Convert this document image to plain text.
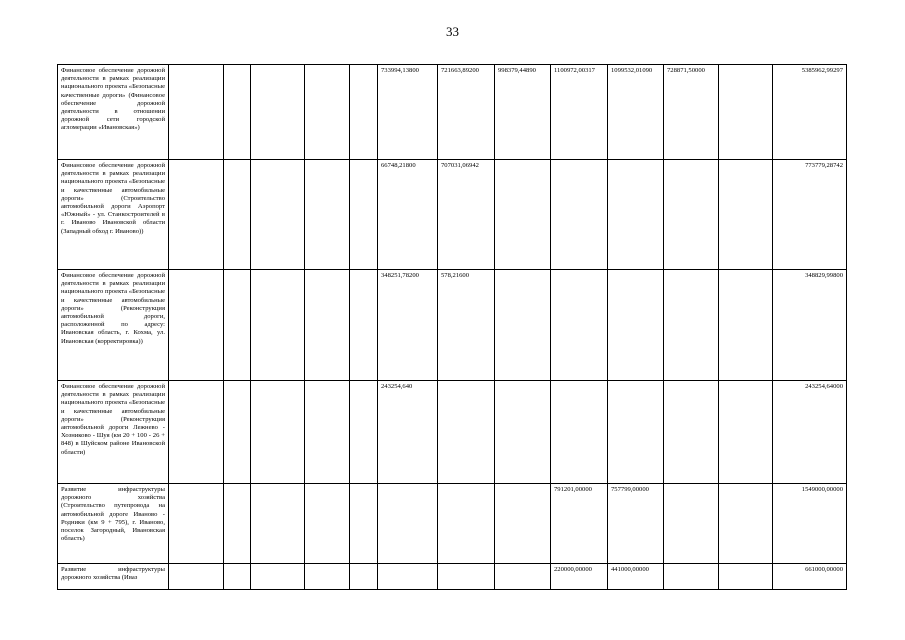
33
Финансовое обеспечение дорожной деятельности в рамках реализации национального проекта «Безопасные качественные дороги» (Финансовое обеспечение дорожной деятельности в отношении дорожной сети городской агломерации «Ивановская»)						733994,13800	721663,89200	998379,44890	1100972,00317	1099532,01090	728871,50000		5385962,99297
Финансовое обеспечение дорожной деятельности в рамках реализации национального проекта «Безопасные и качественные автомобильные дороги» (Строительство автомобильной дороги Аэропорт «Южный» - ул. Станкостроителей в г. Иваново Ивановской области (Западный обход г. Иваново))						66748,21800	707031,06942						773779,28742
Финансовое обеспечение дорожной деятельности в рамках реализации национального проекта «Безопасные и качественные автомобильные дороги» (Реконструкция автомобильной дороги, расположенной по адресу: Ивановская область, г. Кохма, ул. Ивановская (корректировка))						348251,78200	578,21600						348829,99800
Финансовое обеспечение дорожной деятельности в рамках реализации национального проекта «Безопасные и качественные автомобильные дороги» (Реконструкция автомобильной дороги Лежнево - Хозниково - Шуя (км 20 + 100 - 26 + 848) в Шуйском районе Ивановской области)						243254,640							243254,64000
Развитие инфраструктуры дорожного хозяйства (Строительство путепровода на автомобильной дороге Иваново - Родники (км 9 + 795), г. Иваново, поселок Загородный, Ивановская область)									791201,00000	757799,00000			1549000,00000
Развитие инфраструктуры дорожного хозяйства (Иваз									220000,00000	441000,00000			661000,00000
